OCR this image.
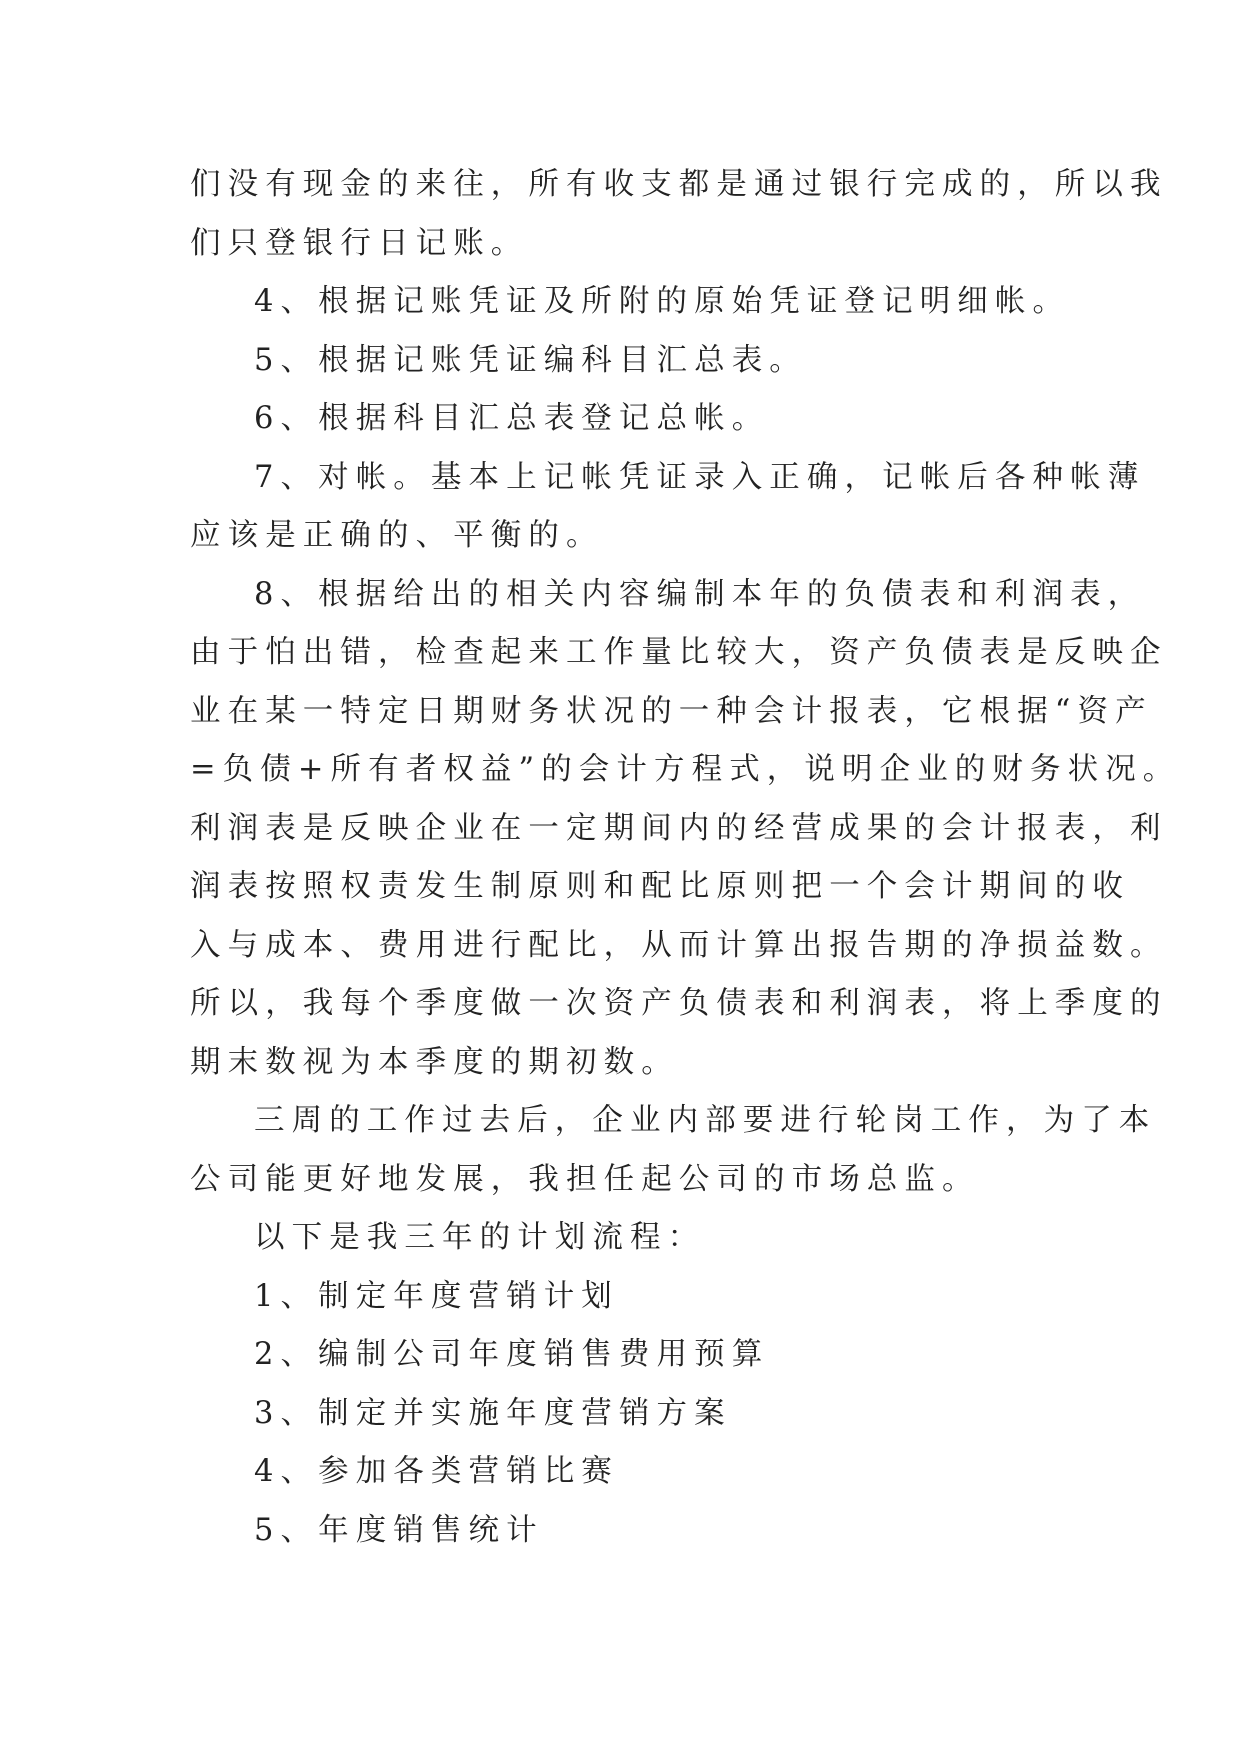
们没有现金的来往，所有收支都是通过银行完成的，所以我
们只登银行日记账。
4、根据记账凭证及所附的原始凭证登记明细帐。
5、根据记账凭证编科目汇总表。
6、根据科目汇总表登记总帐。
7、对帐。基本上记帐凭证录入正确，记帐后各种帐薄
应该是正确的、平衡的。
8、根据给出的相关内容编制本年的负债表和利润表，
由于怕出错，检查起来工作量比较大，资产负债表是反映企
业在某一特定日期财务状况的一种会计报表，它根据“资产
=负债+所有者权益”的会计方程式，说明企业的财务状况。
利润表是反映企业在一定期间内的经营成果的会计报表，利
润表按照权责发生制原则和配比原则把一个会计期间的收
入与成本、费用进行配比，从而计算出报告期的净损益数。
所以，我每个季度做一次资产负债表和利润表，将上季度的
期末数视为本季度的期初数。
三周的工作过去后，企业内部要进行轮岗工作，为了本
公司能更好地发展，我担任起公司的市场总监。
以下是我三年的计划流程：
1、制定年度营销计划
2、编制公司年度销售费用预算
3、制定并实施年度营销方案
4、参加各类营销比赛
5、年度销售统计
